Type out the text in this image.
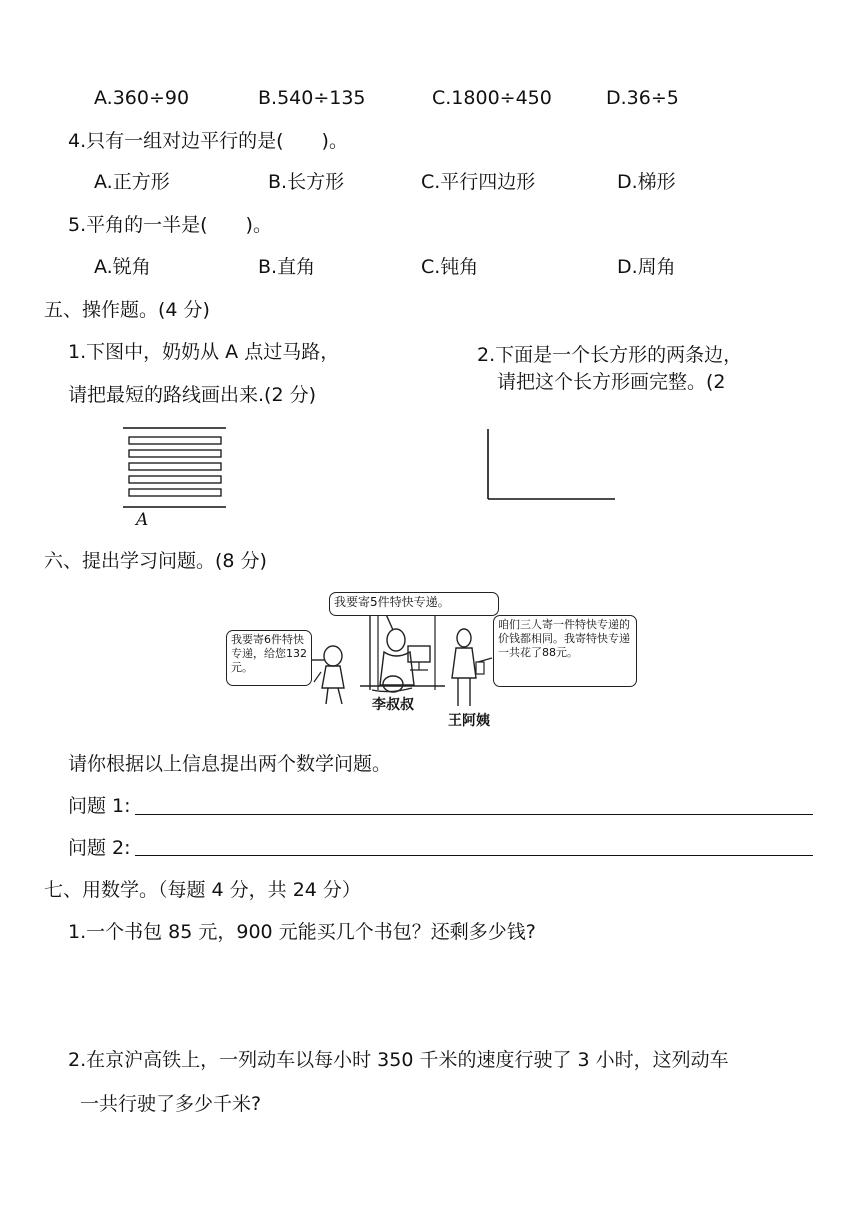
A.360÷90	B.540÷135	C.1800÷450	D.36÷5
4.只有一组对边平行的是(　　)。
A.正方形	B.长方形	C.平行四边形	D.梯形
5.平角的一半是(　　)。
A.锐角	B.直角	C.钝角	D.周角
五、操作题。(4 分)
1.下图中，奶奶从 A 点过马路，
请把最短的路线画出来.(2 分)
2.下面是一个长方形的两条边，
请把这个长方形画完整。(2
A
六、提出学习问题。(8 分)
我要寄5件特快专递。
我要寄6件特快专递，给您132元。
咱们三人寄一件特快专递的价钱都相同。我寄特快专递一共花了88元。
李叔叔
王阿姨
请你根据以上信息提出两个数学问题。
问题 1:
问题 2:
七、用数学。（每题 4 分，共 24 分）
1.一个书包 85 元，900 元能买几个书包？还剩多少钱?
2.在京沪高铁上，一列动车以每小时 350 千米的速度行驶了 3 小时，这列动车
一共行驶了多少千米?
